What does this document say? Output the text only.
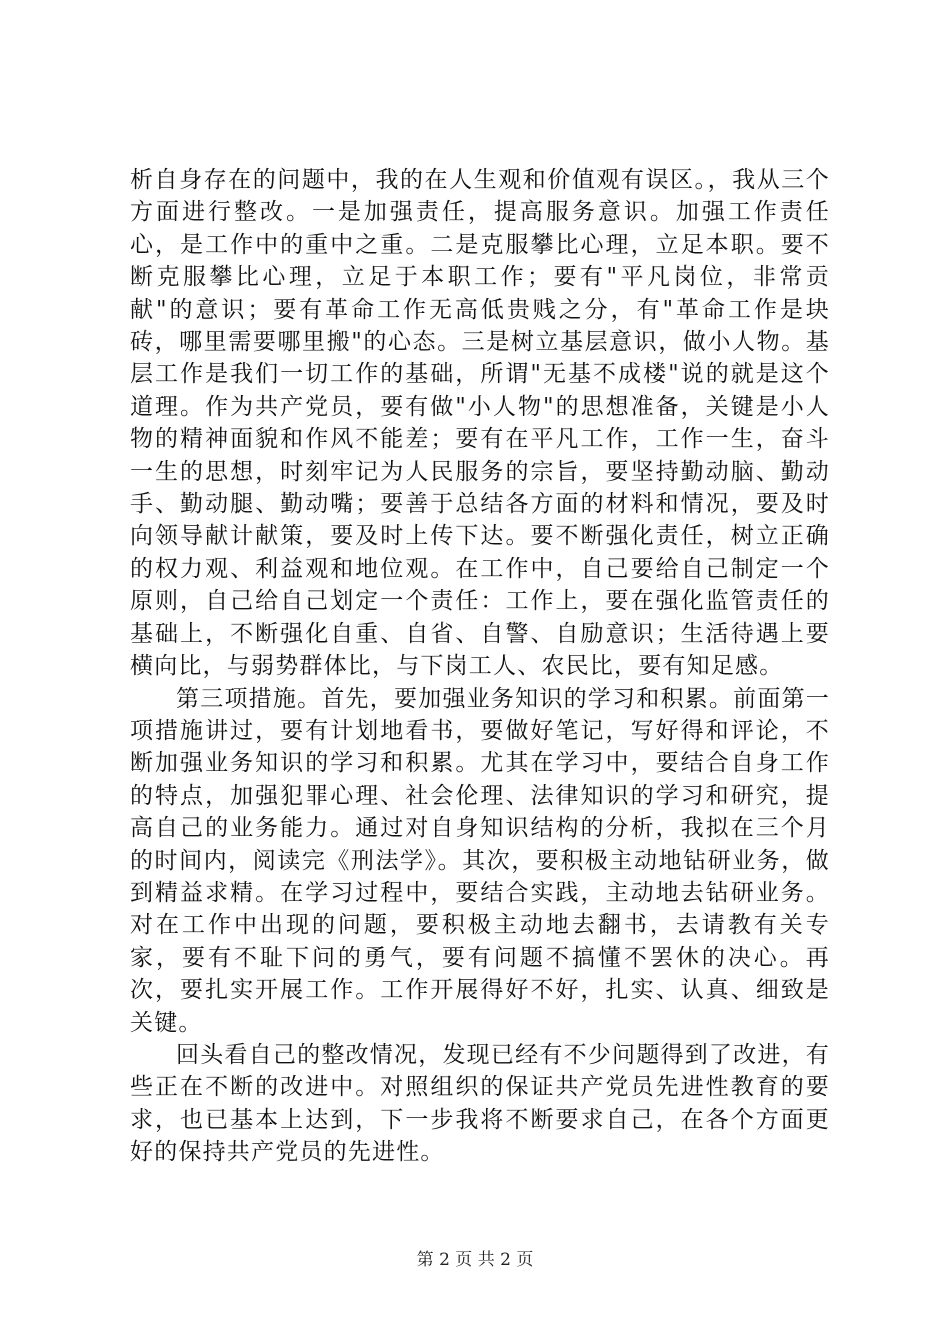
析自身存在的问题中，我的在人生观和价值观有误区。，我从三个方面进行整改。一是加强责任，提高服务意识。加强工作责任心，是工作中的重中之重。二是克服攀比心理，立足本职。要不断克服攀比心理，立足于本职工作；要有"平凡岗位，非常贡献"的意识；要有革命工作无高低贵贱之分，有"革命工作是块砖，哪里需要哪里搬"的心态。三是树立基层意识，做小人物。基层工作是我们一切工作的基础，所谓"无基不成楼"说的就是这个道理。作为共产党员，要有做"小人物"的思想准备，关键是小人物的精神面貌和作风不能差；要有在平凡工作，工作一生，奋斗一生的思想，时刻牢记为人民服务的宗旨，要坚持勤动脑、勤动手、勤动腿、勤动嘴；要善于总结各方面的材料和情况，要及时向领导献计献策，要及时上传下达。要不断强化责任，树立正确的权力观、利益观和地位观。在工作中，自己要给自己制定一个原则，自己给自己划定一个责任：工作上，要在强化监管责任的基础上，不断强化自重、自省、自警、自励意识；生活待遇上要横向比，与弱势群体比，与下岗工人、农民比，要有知足感。

第三项措施。首先，要加强业务知识的学习和积累。前面第一项措施讲过，要有计划地看书，要做好笔记，写好得和评论，不断加强业务知识的学习和积累。尤其在学习中，要结合自身工作的特点，加强犯罪心理、社会伦理、法律知识的学习和研究，提高自己的业务能力。通过对自身知识结构的分析，我拟在三个月的时间内，阅读完《刑法学》。其次，要积极主动地钻研业务，做到精益求精。在学习过程中，要结合实践，主动地去钻研业务。对在工作中出现的问题，要积极主动地去翻书，去请教有关专家，要有不耻下问的勇气，要有问题不搞懂不罢休的决心。再次，要扎实开展工作。工作开展得好不好，扎实、认真、细致是关键。

回头看自己的整改情况，发现已经有不少问题得到了改进，有些正在不断的改进中。对照组织的保证共产党员先进性教育的要求，也已基本上达到，下一步我将不断要求自己，在各个方面更好的保持共产党员的先进性。

第 2 页 共 2 页
